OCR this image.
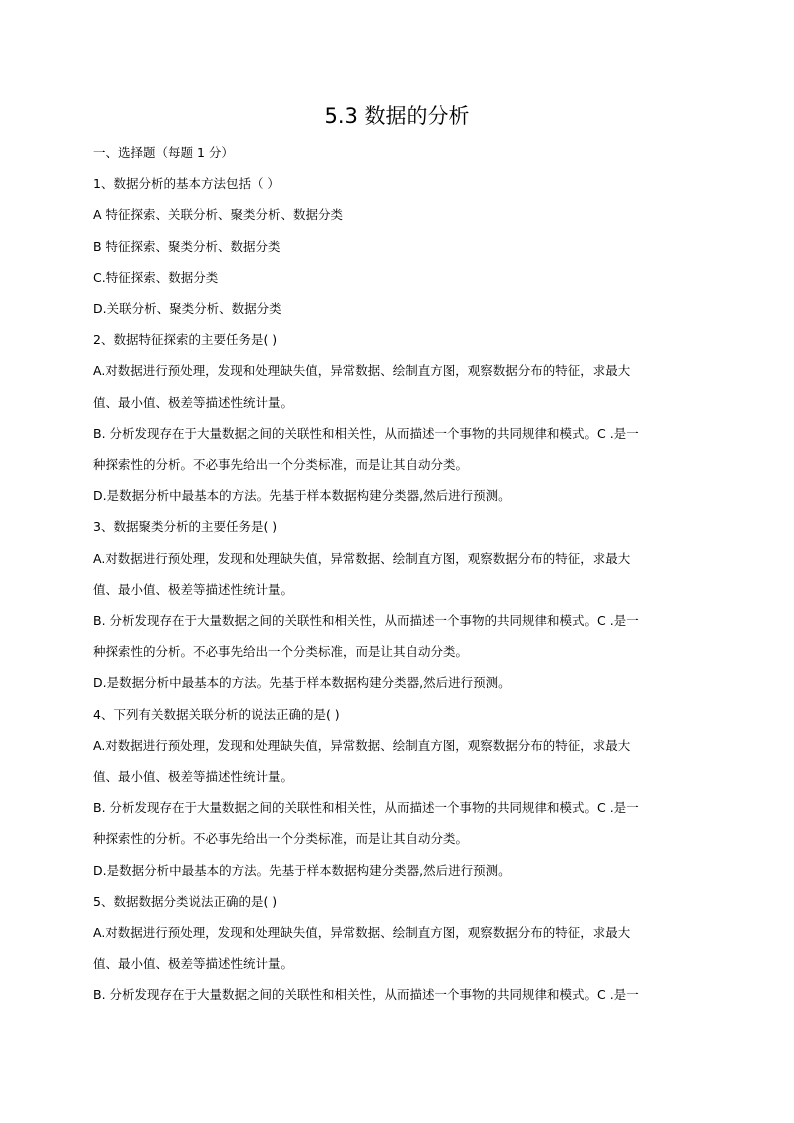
5.3 数据的分析
一、选择题（每题 1 分）
1、数据分析的基本方法包括（ ）
A 特征探索、关联分析、聚类分析、数据分类
B 特征探索、聚类分析、数据分类
C.特征探索、数据分类
D.关联分析、聚类分析、数据分类
2、数据特征探索的主要任务是( )
A.对数据进行预处理，发现和处理缺失值，异常数据、绘制直方图，观察数据分布的特征，求最大
值、最小值、极差等描述性统计量。
B. 分析发现存在于大量数据之间的关联性和相关性，从而描述一个事物的共同规律和模式。C .是一
种探索性的分析。不必事先给出一个分类标准，而是让其自动分类。
D.是数据分析中最基本的方法。先基于样本数据构建分类器,然后进行预测。
3、数据聚类分析的主要任务是( )
A.对数据进行预处理，发现和处理缺失值，异常数据、绘制直方图，观察数据分布的特征，求最大
值、最小值、极差等描述性统计量。
B. 分析发现存在于大量数据之间的关联性和相关性，从而描述一个事物的共同规律和模式。C .是一
种探索性的分析。不必事先给出一个分类标准，而是让其自动分类。
D.是数据分析中最基本的方法。先基于样本数据构建分类器,然后进行预测。
4、下列有关数据关联分析的说法正确的是( )
A.对数据进行预处理，发现和处理缺失值，异常数据、绘制直方图，观察数据分布的特征，求最大
值、最小值、极差等描述性统计量。
B. 分析发现存在于大量数据之间的关联性和相关性，从而描述一个事物的共同规律和模式。C .是一
种探索性的分析。不必事先给出一个分类标准，而是让其自动分类。
D.是数据分析中最基本的方法。先基于样本数据构建分类器,然后进行预测。
5、数据数据分类说法正确的是( )
A.对数据进行预处理，发现和处理缺失值，异常数据、绘制直方图，观察数据分布的特征，求最大
值、最小值、极差等描述性统计量。
B. 分析发现存在于大量数据之间的关联性和相关性，从而描述一个事物的共同规律和模式。C .是一
